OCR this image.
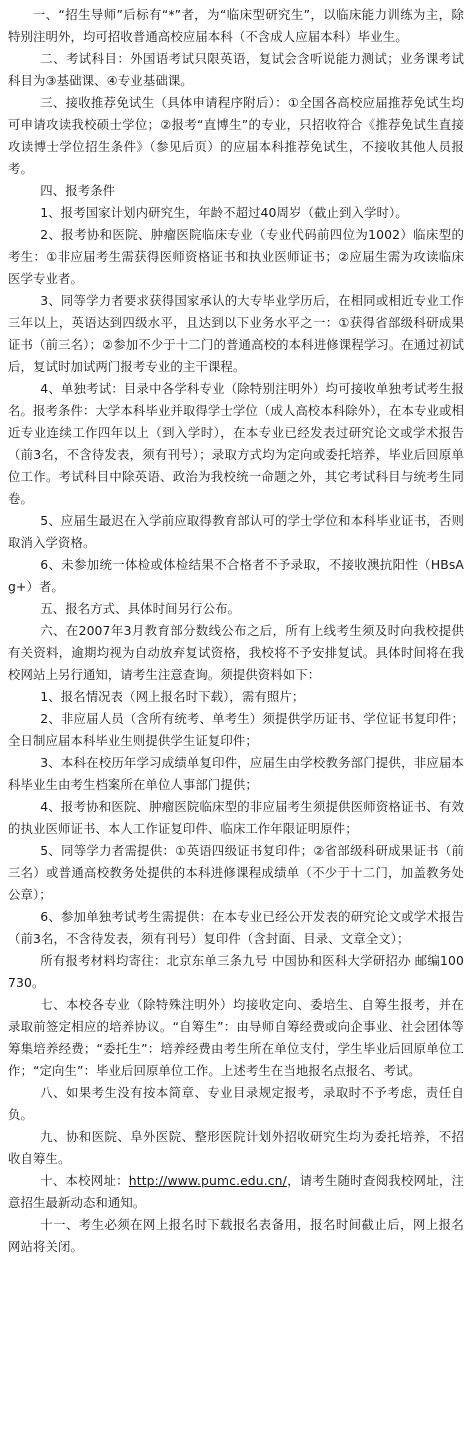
一、“招生导师”后标有“*”者，为“临床型研究生”，以临床能力训练为主，除特别注明外，均可招收普通高校应届本科（不含成人应届本科）毕业生。

二、考试科目：外国语考试只限英语，复试会含听说能力测试；业务课考试科目为③基础课、④专业基础课。

三、接收推荐免试生（具体申请程序附后）：①全国各高校应届推荐免试生均可申请攻读我校硕士学位；②报考“直博生”的专业，只招收符合《推荐免试生直接攻读博士学位招生条件》（参见后页）的应届本科推荐免试生，不接收其他人员报考。

四、报考条件

1、报考国家计划内研究生，年龄不超过40周岁（截止到入学时）。

2、报考协和医院、肿瘤医院临床专业（专业代码前四位为1002）临床型的考生：①非应届考生需获得医师资格证书和执业医师证书；②应届生需为攻读临床医学专业者。

3、同等学力者要求获得国家承认的大专毕业学历后，在相同或相近专业工作三年以上，英语达到四级水平，且达到以下业务水平之一：①获得省部级科研成果证书（前三名）；②参加不少于十二门的普通高校的本科进修课程学习。在通过初试后，复试时加试两门报考专业的主干课程。

4、单独考试：目录中各学科专业（除特别注明外）均可接收单独考试考生报名。报考条件：大学本科毕业并取得学士学位（成人高校本科除外），在本专业或相近专业连续工作四年以上（到入学时），在本专业已经发表过研究论文或学术报告（前3名，不含待发表，须有刊号）；录取方式均为定向或委托培养，毕业后回原单位工作。考试科目中除英语、政治为我校统一命题之外，其它考试科目与统考生同卷。

5、应届生最迟在入学前应取得教育部认可的学士学位和本科毕业证书，否则取消入学资格。

6、未参加统一体检或体检结果不合格者不予录取，不接收澳抗阳性（HBsAg+）者。

五、报名方式、具体时间另行公布。

六、在2007年3月教育部分数线公布之后，所有上线考生须及时向我校提供有关资料，逾期均视为自动放弃复试资格，我校将不予安排复试。具体时间将在我校网站上另行通知，请考生注意查询。须提供资料如下：

1、报名情况表（网上报名时下载），需有照片；

2、非应届人员（含所有统考、单考生）须提供学历证书、学位证书复印件；全日制应届本科毕业生则提供学生证复印件；

3、本科在校历年学习成绩单复印件，应届生由学校教务部门提供，非应届本科毕业生由考生档案所在单位人事部门提供；

4、报考协和医院、肿瘤医院临床型的非应届考生须提供医师资格证书、有效的执业医师证书、本人工作证复印件、临床工作年限证明原件；

5、同等学力者需提供：①英语四级证书复印件；②省部级科研成果证书（前三名）或普通高校教务处提供的本科进修课程成绩单（不少于十二门，加盖教务处公章）；

6、参加单独考试考生需提供：在本专业已经公开发表的研究论文或学术报告（前3名，不含待发表，须有刊号）复印件（含封面、目录、文章全文）；

所有报考材料均寄往：北京东单三条九号 中国协和医科大学研招办 邮编100730。

七、本校各专业（除特殊注明外）均接收定向、委培生、自筹生报考，并在录取前签定相应的培养协议。“自筹生”：由导师自筹经费或向企事业、社会团体等筹集培养经费；“委托生”：培养经费由考生所在单位支付，学生毕业后回原单位工作；“定向生”：毕业后回原单位工作。上述考生在当地报名点报名、考试。

八、如果考生没有按本简章、专业目录规定报考，录取时不予考虑，责任自负。

九、协和医院、阜外医院、整形医院计划外招收研究生均为委托培养，不招收自筹生。

十、本校网址：http://www.pumc.edu.cn/，请考生随时查阅我校网址，注意招生最新动态和通知。

十一、考生必须在网上报名时下载报名表备用，报名时间截止后，网上报名网站将关闭。
